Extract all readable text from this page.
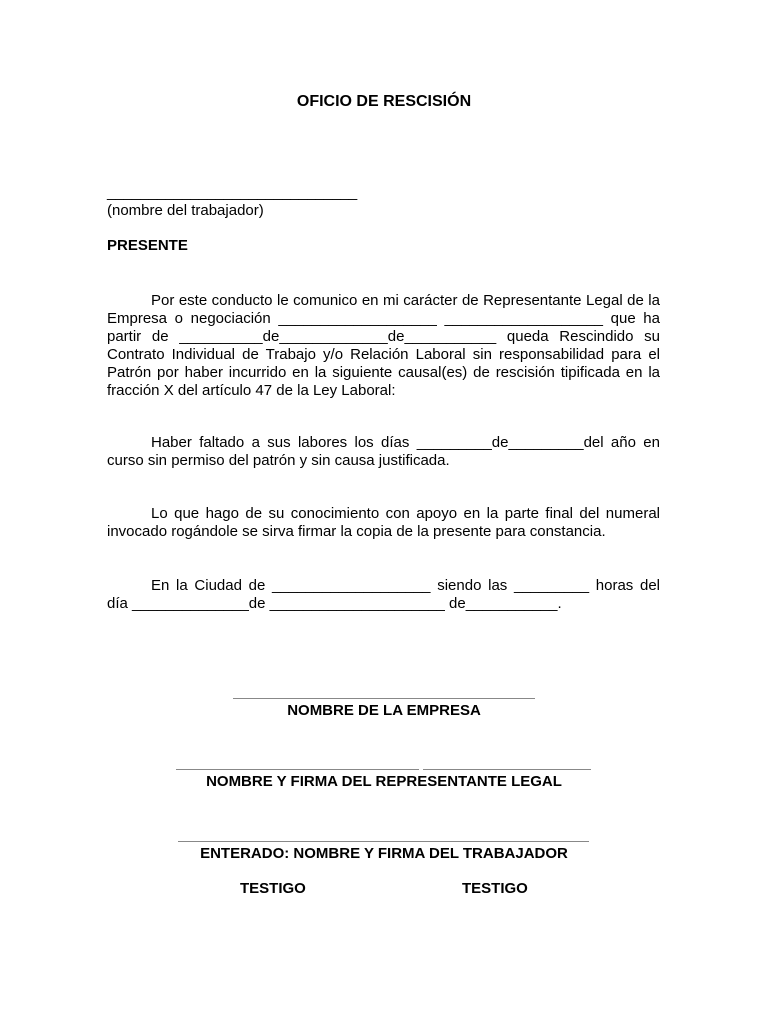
OFICIO DE RESCISIÓN
______________________________
(nombre del trabajador)
PRESENTE
Por este conducto le comunico en mi carácter de Representante Legal de la Empresa o negociación ___________________ ___________________ que ha partir de __________de_____________de___________ queda Rescindido su Contrato Individual de Trabajo y/o Relación Laboral sin responsabilidad para el Patrón por haber incurrido en la siguiente causal(es) de rescisión tipificada en la fracción X del artículo 47 de la Ley Laboral:
Haber faltado a sus labores los días _________de_________del año en curso sin permiso del patrón y sin causa justificada.
Lo que hago de su conocimiento con apoyo en la parte final del numeral invocado rogándole se sirva firmar la copia de la presente para constancia.
En la Ciudad de ___________________ siendo las _________ horas del día ______________de _____________________ de___________.
NOMBRE DE LA EMPRESA
NOMBRE Y FIRMA DEL REPRESENTANTE LEGAL
ENTERADO: NOMBRE Y FIRMA DEL TRABAJADOR
TESTIGO	TESTIGO
